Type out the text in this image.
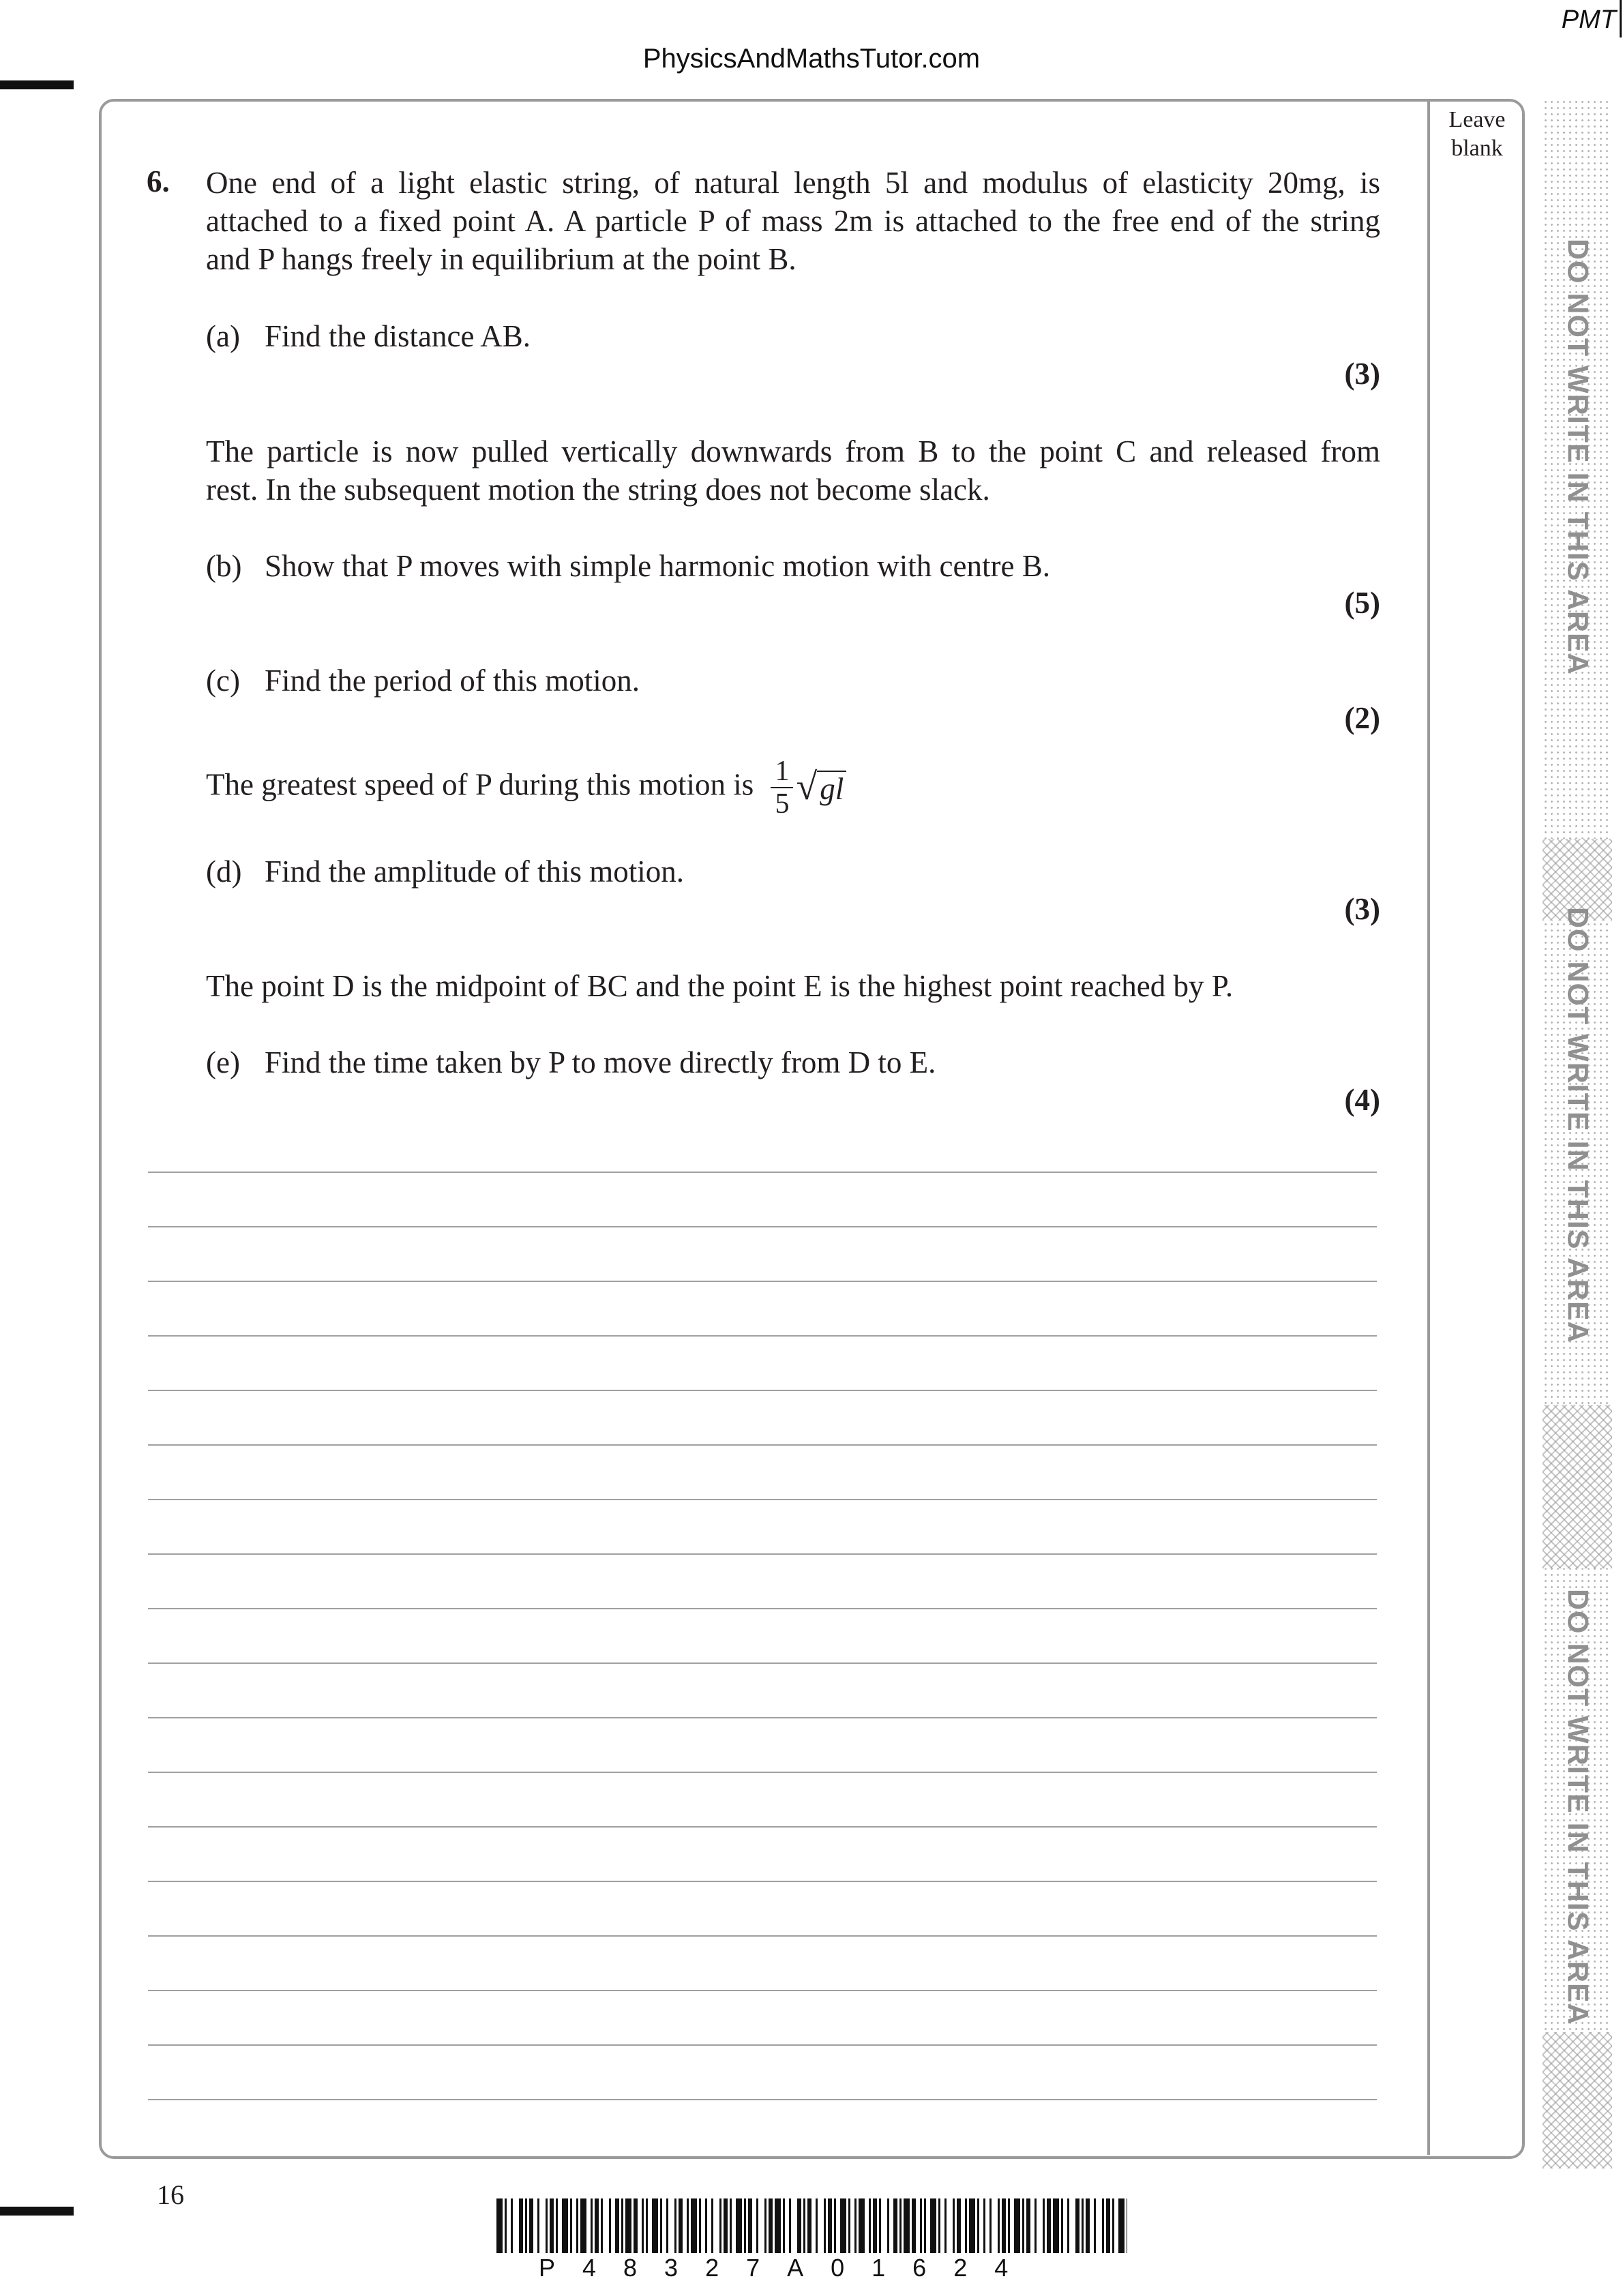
PMT
PhysicsAndMathsTutor.com
Leave
blank
DO NOT WRITE IN THIS AREA
DO NOT WRITE IN THIS AREA
DO NOT WRITE IN THIS AREA
6. One end of a light elastic string, of natural length 5l and modulus of elasticity 20mg, is
attached to a fixed point A. A particle P of mass 2m is attached to the free end of the string
and P hangs freely in equilibrium at the point B.
(a) Find the distance AB.
(3)
The particle is now pulled vertically downwards from B to the point C and released from
rest. In the subsequent motion the string does not become slack.
(b) Show that P moves with simple harmonic motion with centre B.
(5)
(c) Find the period of this motion.
(2)
The greatest speed of P during this motion is $\frac{1}{5} √gl$
(d) Find the amplitude of this motion.
(3)
The point D is the midpoint of BC and the point E is the highest point reached by P.
(e) Find the time taken by P to move directly from D to E.
(4)
16
P48327A01624
